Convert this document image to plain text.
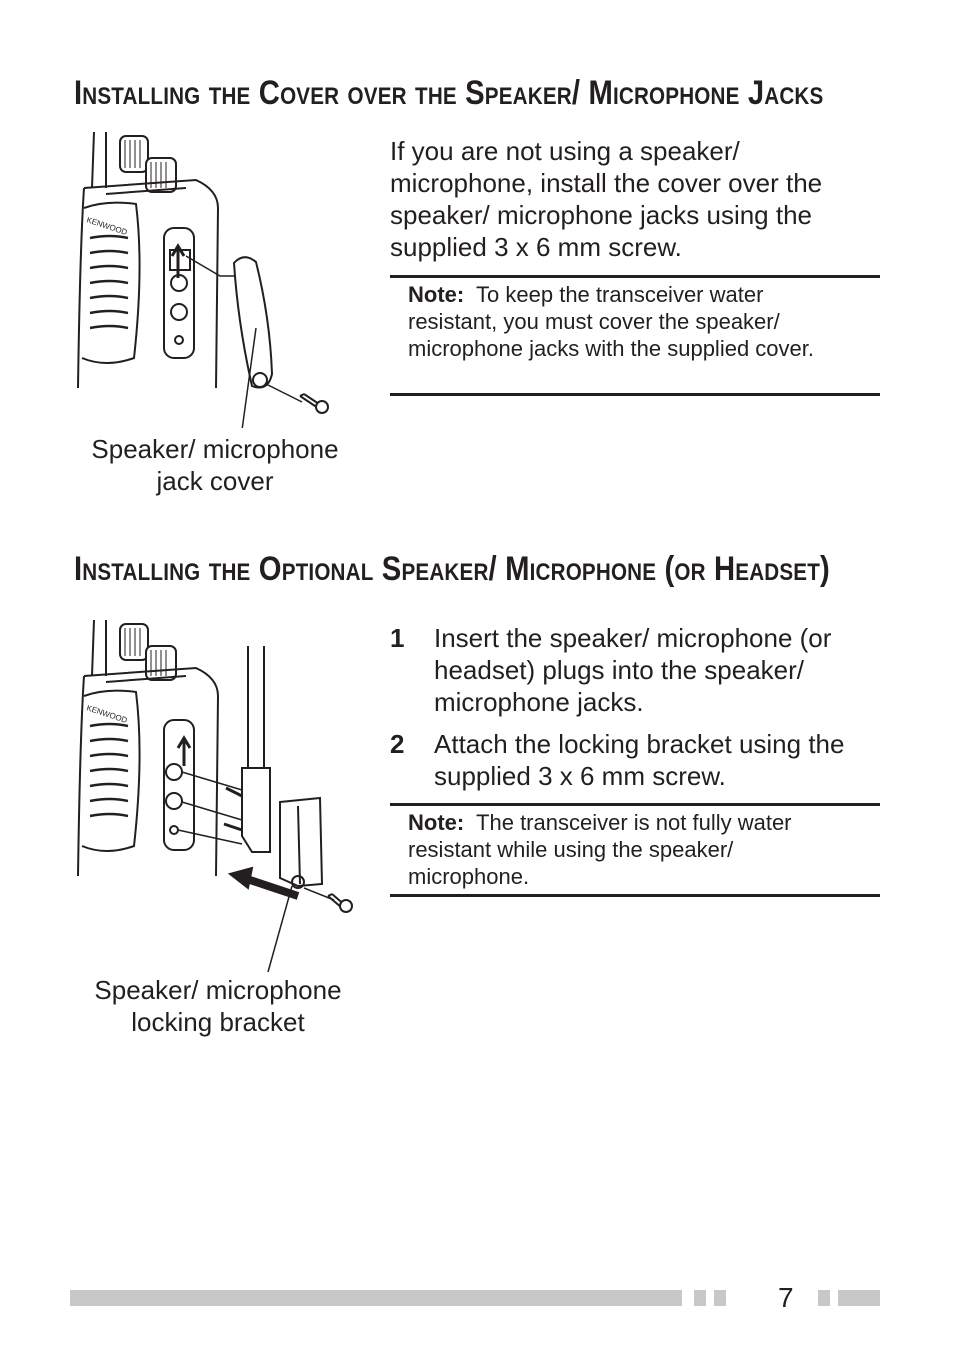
Installing the Cover over the Speaker/ Microphone Jacks
KENWOOD

Speaker/ microphone
jack cover

If you are not using a speaker/ microphone, install the cover over the speaker/ microphone jacks using the supplied 3 x 6 mm screw.

Note: To keep the transceiver water resistant, you must cover the speaker/ microphone jacks with the supplied cover.

Installing the Optional Speaker/ Microphone (or Headset)
KENWOOD

Speaker/ microphone
locking bracket

1 Insert the speaker/ microphone (or headset) plugs into the speaker/ microphone jacks.
2 Attach the locking bracket using the supplied 3 x 6 mm screw.

Note: The transceiver is not fully water resistant while using the speaker/ microphone.

7
